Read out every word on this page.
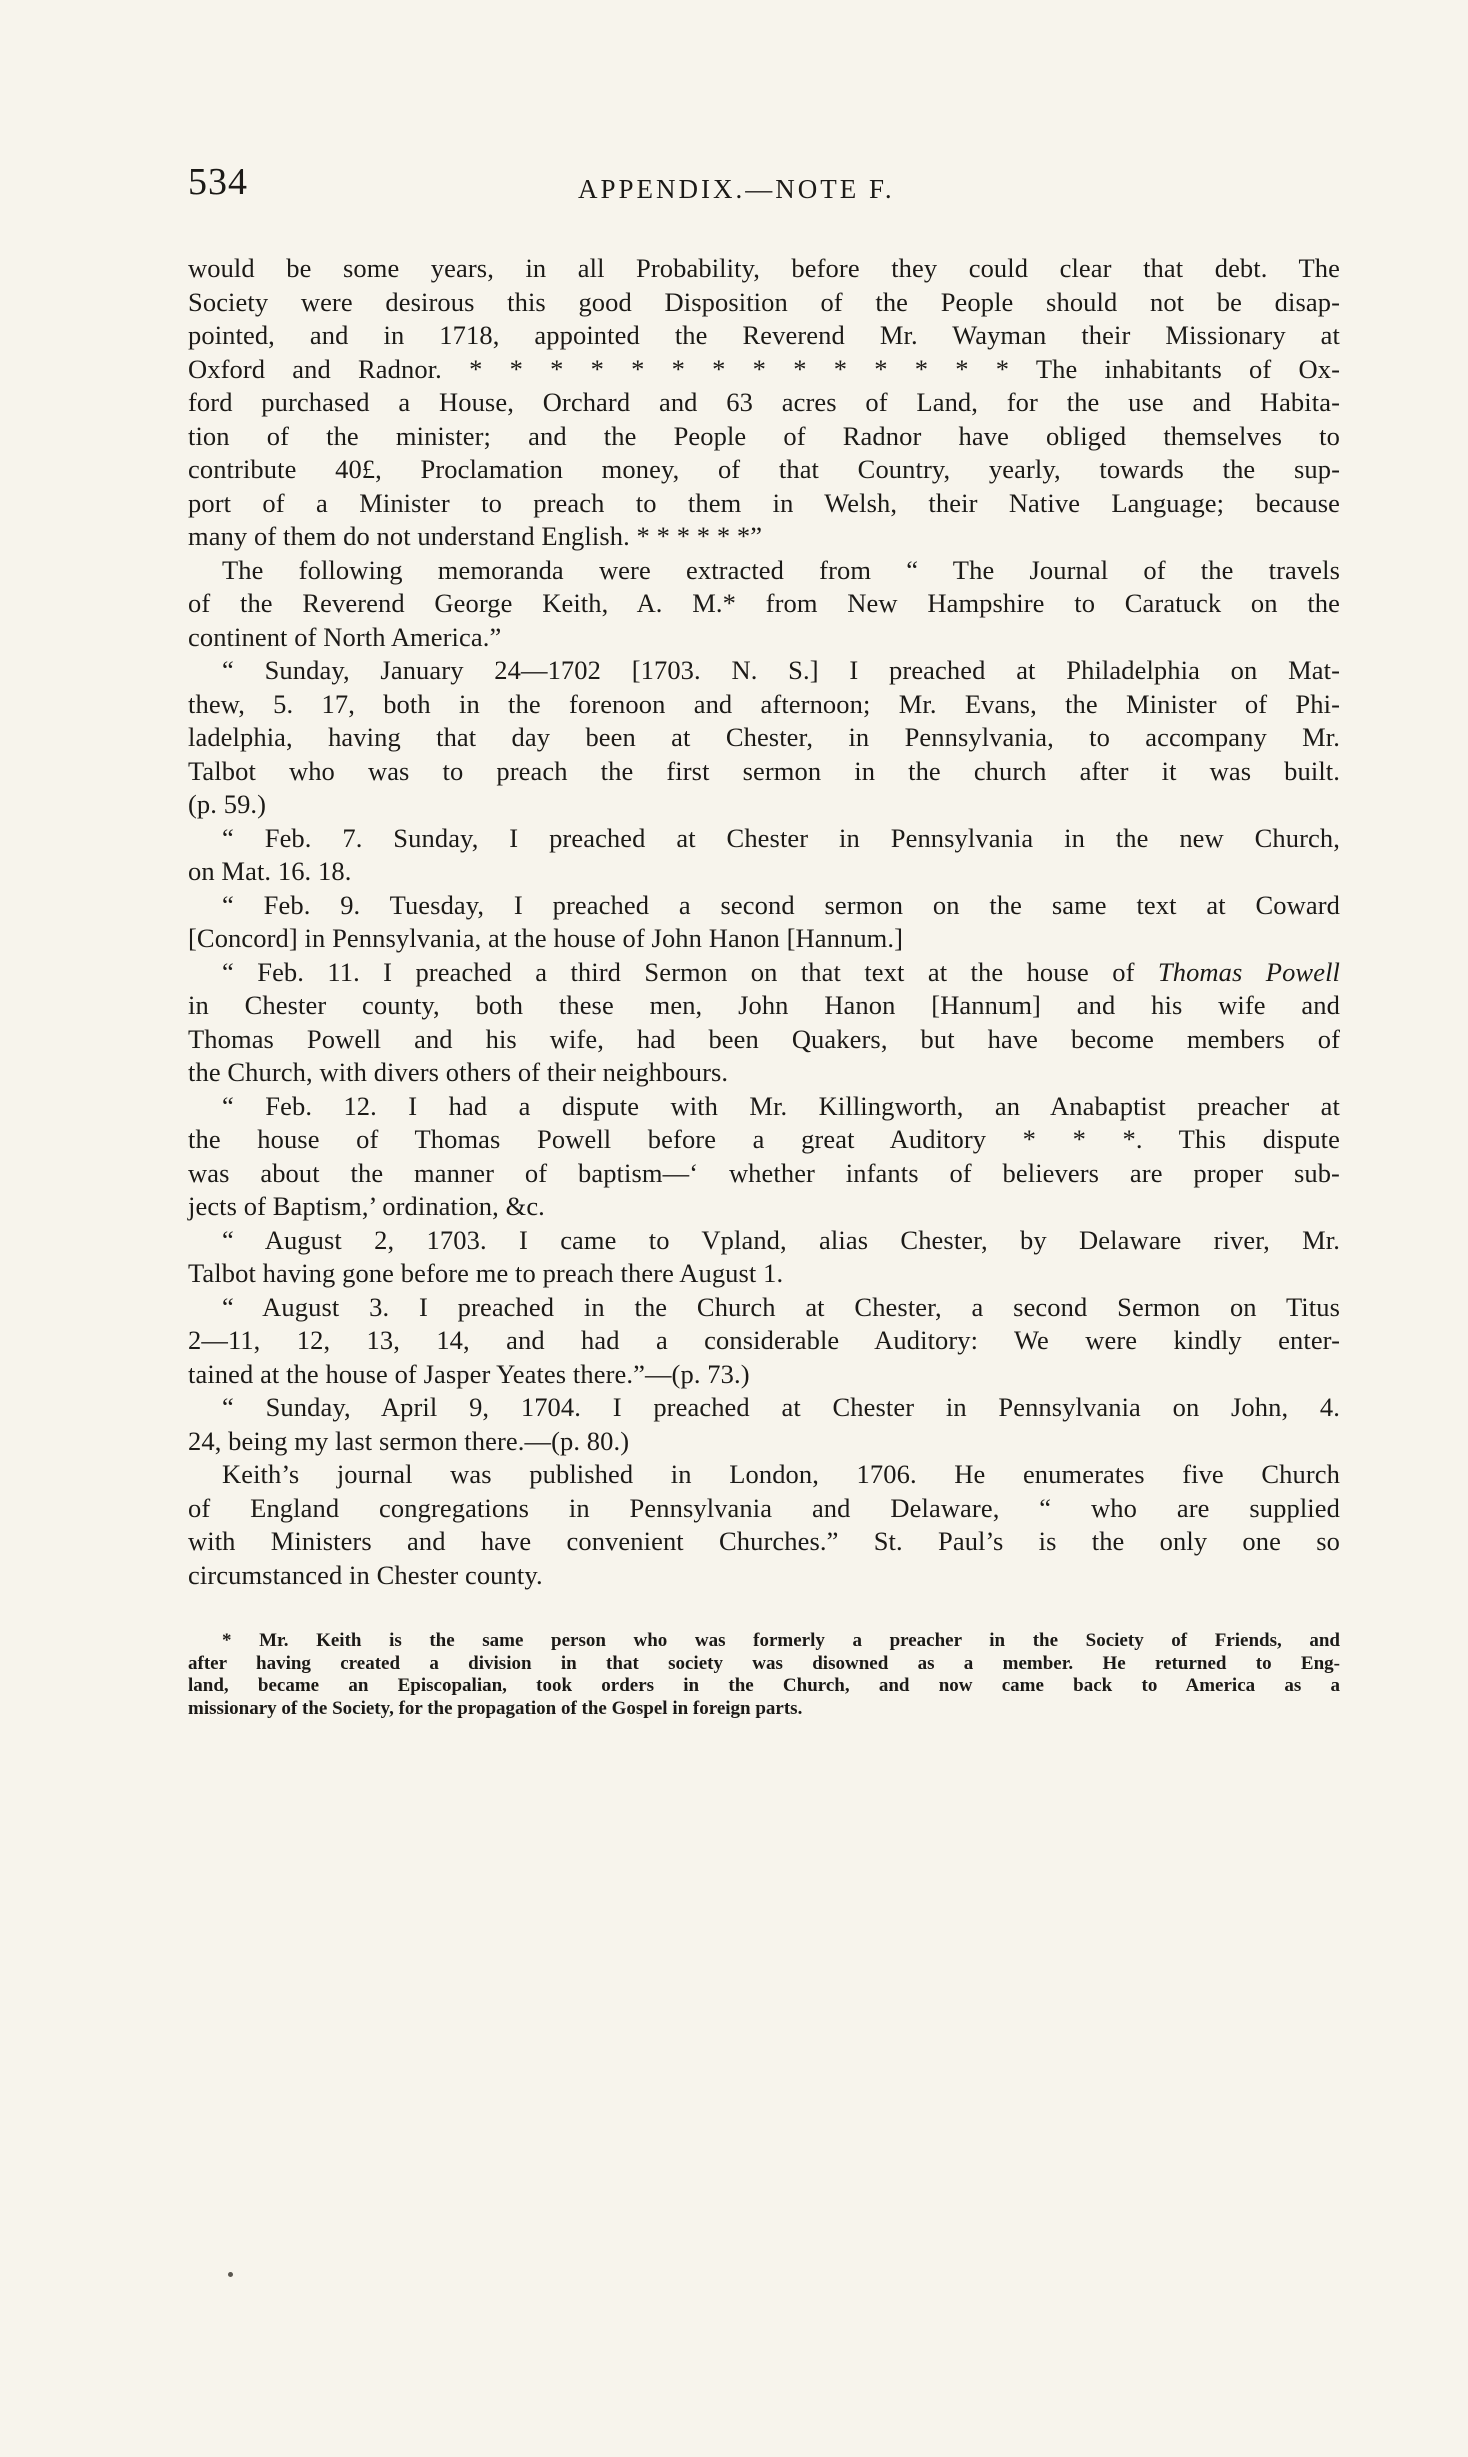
534	APPENDIX.—NOTE F.
would be some years, in all Probability, before they could clear that debt. The
Society were desirous this good Disposition of the People should not be disap-
pointed, and in 1718, appointed the Reverend Mr. Wayman their Missionary at
Oxford and Radnor. * * * * * * * * * * * * * * The inhabitants of Ox-
ford purchased a House, Orchard and 63 acres of Land, for the use and Habita-
tion of the minister; and the People of Radnor have obliged themselves to
contribute 40£, Proclamation money, of that Country, yearly, towards the sup-
port of a Minister to preach to them in Welsh, their Native Language; because
many of them do not understand English. * * * * * *”
The following memoranda were extracted from “ The Journal of the travels
of the Reverend George Keith, A. M.* from New Hampshire to Caratuck on the
continent of North America.”
“ Sunday, January 24—1702 [1703. N. S.] I preached at Philadelphia on Mat-
thew, 5. 17, both in the forenoon and afternoon; Mr. Evans, the Minister of Phi-
ladelphia, having that day been at Chester, in Pennsylvania, to accompany Mr.
Talbot who was to preach the first sermon in the church after it was built.
(p. 59.)
“ Feb. 7. Sunday, I preached at Chester in Pennsylvania in the new Church,
on Mat. 16. 18.
“ Feb. 9. Tuesday, I preached a second sermon on the same text at Coward
[Concord] in Pennsylvania, at the house of John Hanon [Hannum.]
“ Feb. 11. I preached a third Sermon on that text at the house of Thomas Powell
in Chester county, both these men, John Hanon [Hannum] and his wife and
Thomas Powell and his wife, had been Quakers, but have become members of
the Church, with divers others of their neighbours.
“ Feb. 12. I had a dispute with Mr. Killingworth, an Anabaptist preacher at
the house of Thomas Powell before a great Auditory * * *. This dispute
was about the manner of baptism—‘ whether infants of believers are proper sub-
jects of Baptism,’ ordination, &c.
“ August 2, 1703. I came to Vpland, alias Chester, by Delaware river, Mr.
Talbot having gone before me to preach there August 1.
“ August 3. I preached in the Church at Chester, a second Sermon on Titus
2—11, 12, 13, 14, and had a considerable Auditory: We were kindly enter-
tained at the house of Jasper Yeates there.”—(p. 73.)
“ Sunday, April 9, 1704. I preached at Chester in Pennsylvania on John, 4.
24, being my last sermon there.—(p. 80.)
Keith’s journal was published in London, 1706. He enumerates five Church
of England congregations in Pennsylvania and Delaware, “ who are supplied
with Ministers and have convenient Churches.” St. Paul’s is the only one so
circumstanced in Chester county.
* Mr. Keith is the same person who was formerly a preacher in the Society of Friends, and
after having created a division in that society was disowned as a member. He returned to Eng-
land, became an Episcopalian, took orders in the Church, and now came back to America as a
missionary of the Society, for the propagation of the Gospel in foreign parts.
